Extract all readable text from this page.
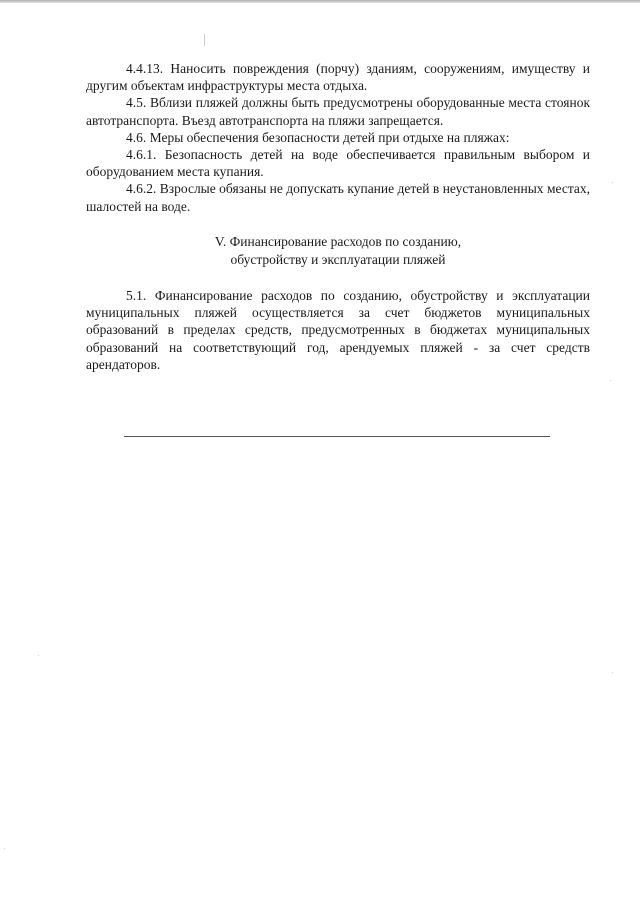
4.4.13. Наносить повреждения (порчу) зданиям, сооружениям, имуществу и другим объектам инфраструктуры места отдыха.

4.5. Вблизи пляжей должны быть предусмотрены оборудованные места стоянок автотранспорта. Въезд автотранспорта на пляжи запрещается.

4.6. Меры обеспечения безопасности детей при отдыхе на пляжах:

4.6.1. Безопасность детей на воде обеспечивается правильным выбором и оборудованием места купания.

4.6.2. Взрослые обязаны не допускать купание детей в неустановленных местах, шалостей на воде.

V. Финансирование расходов по созданию,
обустройству и эксплуатации пляжей

5.1. Финансирование расходов по созданию, обустройству и эксплуатации муниципальных пляжей осуществляется за счет бюджетов муниципальных образований в пределах средств, предусмотренных в бюджетах муниципальных образований на соответствующий год, арендуемых пляжей - за счет средств арендаторов.
